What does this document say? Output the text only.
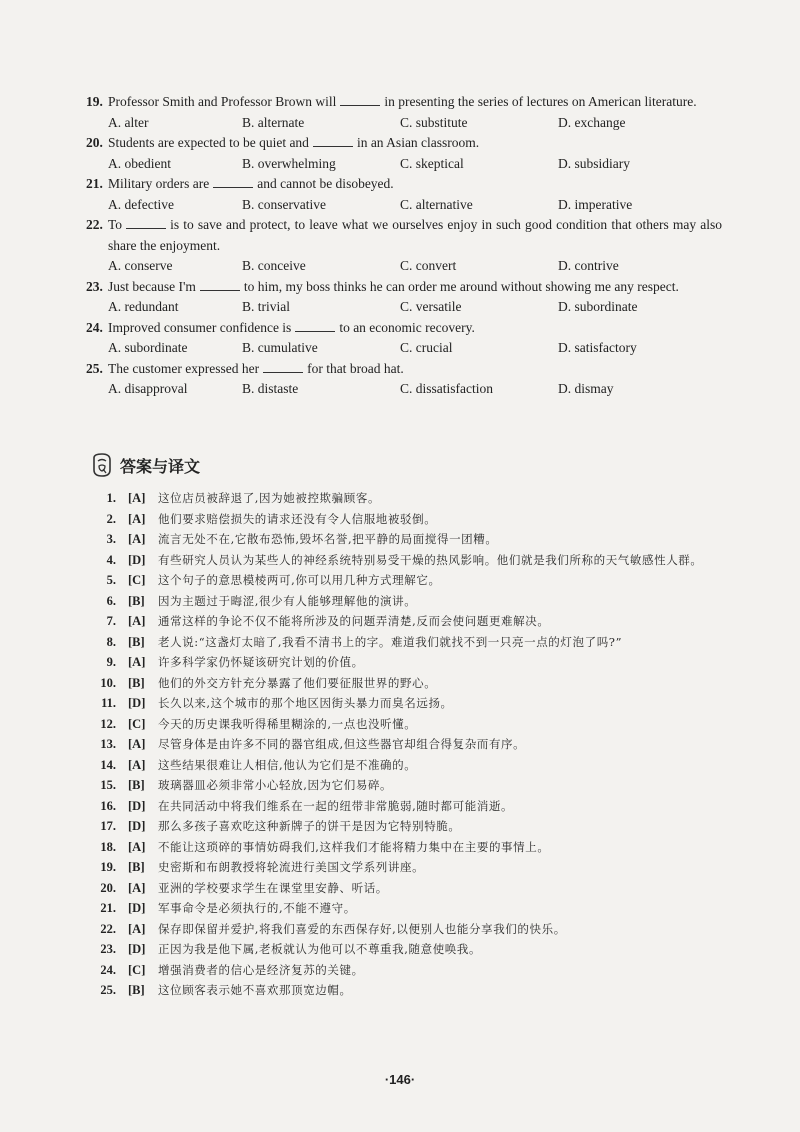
19. Professor Smith and Professor Brown will	in presenting the series of lectures on American literature.
A. alter	B. alternate	C. substitute	D. exchange
20. Students are expected to be quiet and	in an Asian classroom.
A. obedient	B. overwhelming	C. skeptical	D. subsidiary
21. Military orders are	and cannot be disobeyed.
A. defective	B. conservative	C. alternative	D. imperative
22. To	is to save and protect, to leave what we ourselves enjoy in such good condition that others may also share the enjoyment.
A. conserve	B. conceive	C. convert	D. contrive
23. Just because I'm	to him, my boss thinks he can order me around without showing me any respect.
A. redundant	B. trivial	C. versatile	D. subordinate
24. Improved consumer confidence is	to an economic recovery.
A. subordinate	B. cumulative	C. crucial	D. satisfactory
25. The customer expressed her	for that broad hat.
A. disapproval	B. distaste	C. dissatisfaction	D. dismay
答案与译文
1. [A] 这位店员被辞退了,因为她被控欺骗顾客。
2. [A] 他们要求赔偿损失的请求还没有令人信服地被驳倒。
3. [A] 流言无处不在,它散布恐怖,毁坏名誉,把平静的局面搅得一团糟。
4. [D] 有些研究人员认为某些人的神经系统特别易受干燥的热风影响。他们就是我们所称的天气敏感性人群。
5. [C] 这个句子的意思模棱两可,你可以用几种方式理解它。
6. [B] 因为主题过于晦涩,很少有人能够理解他的演讲。
7. [A] 通常这样的争论不仅不能将所涉及的问题弄清楚,反而会使问题更难解决。
8. [B] 老人说:“这盏灯太暗了,我看不清书上的字。难道我们就找不到一只亮一点的灯泡了吗?”
9. [A] 许多科学家仍怀疑该研究计划的价值。
10. [B] 他们的外交方针充分暴露了他们要征服世界的野心。
11. [D] 长久以来,这个城市的那个地区因街头暴力而臭名远扬。
12. [C] 今天的历史课我听得稀里糊涂的,一点也没听懂。
13. [A] 尽管身体是由许多不同的器官组成,但这些器官却组合得复杂而有序。
14. [A] 这些结果很难让人相信,他认为它们是不准确的。
15. [B] 玻璃器皿必须非常小心轻放,因为它们易碎。
16. [D] 在共同活动中将我们维系在一起的纽带非常脆弱,随时都可能消逝。
17. [D] 那么多孩子喜欢吃这种新牌子的饼干是因为它特别特脆。
18. [A] 不能让这琐碎的事情妨碍我们,这样我们才能将精力集中在主要的事情上。
19. [B] 史密斯和布朗教授将轮流进行美国文学系列讲座。
20. [A] 亚洲的学校要求学生在课堂里安静、听话。
21. [D] 军事命令是必须执行的,不能不遵守。
22. [A] 保存即保留并爱护,将我们喜爱的东西保存好,以便别人也能分享我们的快乐。
23. [D] 正因为我是他下属,老板就认为他可以不尊重我,随意使唤我。
24. [C] 增强消费者的信心是经济复苏的关键。
25. [B] 这位顾客表示她不喜欢那顶宽边帽。
·146·
